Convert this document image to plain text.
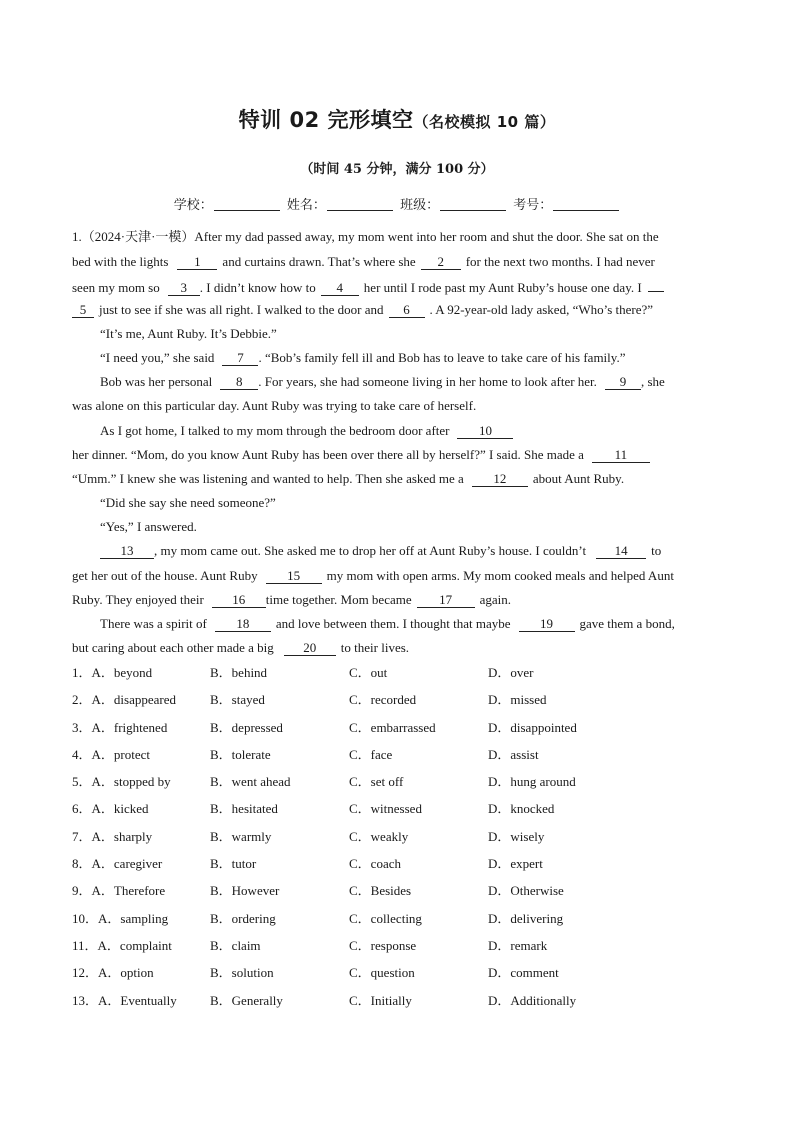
特训 02 完形填空（名校模拟 10 篇）
（时间 45 分钟，满分 100 分）
学校：	姓名：	班级：	考号：
1.（2024·天津·一模）After my dad passed away, my mom went into her room and shut the door. She sat on the
bed with the lights 1 and curtains drawn. That’s where she 2 for the next two months. I had never
seen my mom so 3 . I didn’t know how to 4 her until I rode past my Aunt Ruby’s house one day. I
5 just to see if she was all right. I walked to the door and 6 . A 92-year-old lady asked, “Who’s there?”
“It’s me, Aunt Ruby. It’s Debbie.”
“I need you,” she said 7 . “Bob’s family fell ill and Bob has to leave to take care of his family.”
Bob was her personal 8 . For years, she had someone living in her home to look after her. 9 , she
was alone on this particular day. Aunt Ruby was trying to take care of herself.
As I got home, I talked to my mom through the bedroom door after 10
her dinner. “Mom, do you know Aunt Ruby has been over there all by herself?” I said. She made a 11
“Umm.” I knew she was listening and wanted to help. Then she asked me a 12 about Aunt Ruby.
“Did she say she need someone?”
“Yes,” I answered.
13 , my mom came out. She asked me to drop her off at Aunt Ruby’s house. I couldn’t 14 to
get her out of the house. Aunt Ruby 15 my mom with open arms. My mom cooked meals and helped Aunt
Ruby. They enjoyed their 16 time together. Mom became 17 again.
There was a spirit of 18 and love between them. I thought that maybe 19 gave them a bond,
but caring about each other made a big 20 to their lives.
1．A．beyond	B．behind	C．out	D．over
2．A．disappeared	B．stayed	C．recorded	D．missed
3．A．frightened	B．depressed	C．embarrassed	D．disappointed
4．A．protect	B．tolerate	C．face	D．assist
5．A．stopped by	B．went ahead	C．set off	D．hung around
6．A．kicked	B．hesitated	C．witnessed	D．knocked
7．A．sharply	B．warmly	C．weakly	D．wisely
8．A．caregiver	B．tutor	C．coach	D．expert
9．A．Therefore	B．However	C．Besides	D．Otherwise
10．A．sampling	B．ordering	C．collecting	D．delivering
11．A．complaint	B．claim	C．response	D．remark
12．A．option	B．solution	C．question	D．comment
13．A．Eventually	B．Generally	C．Initially	D．Additionally
